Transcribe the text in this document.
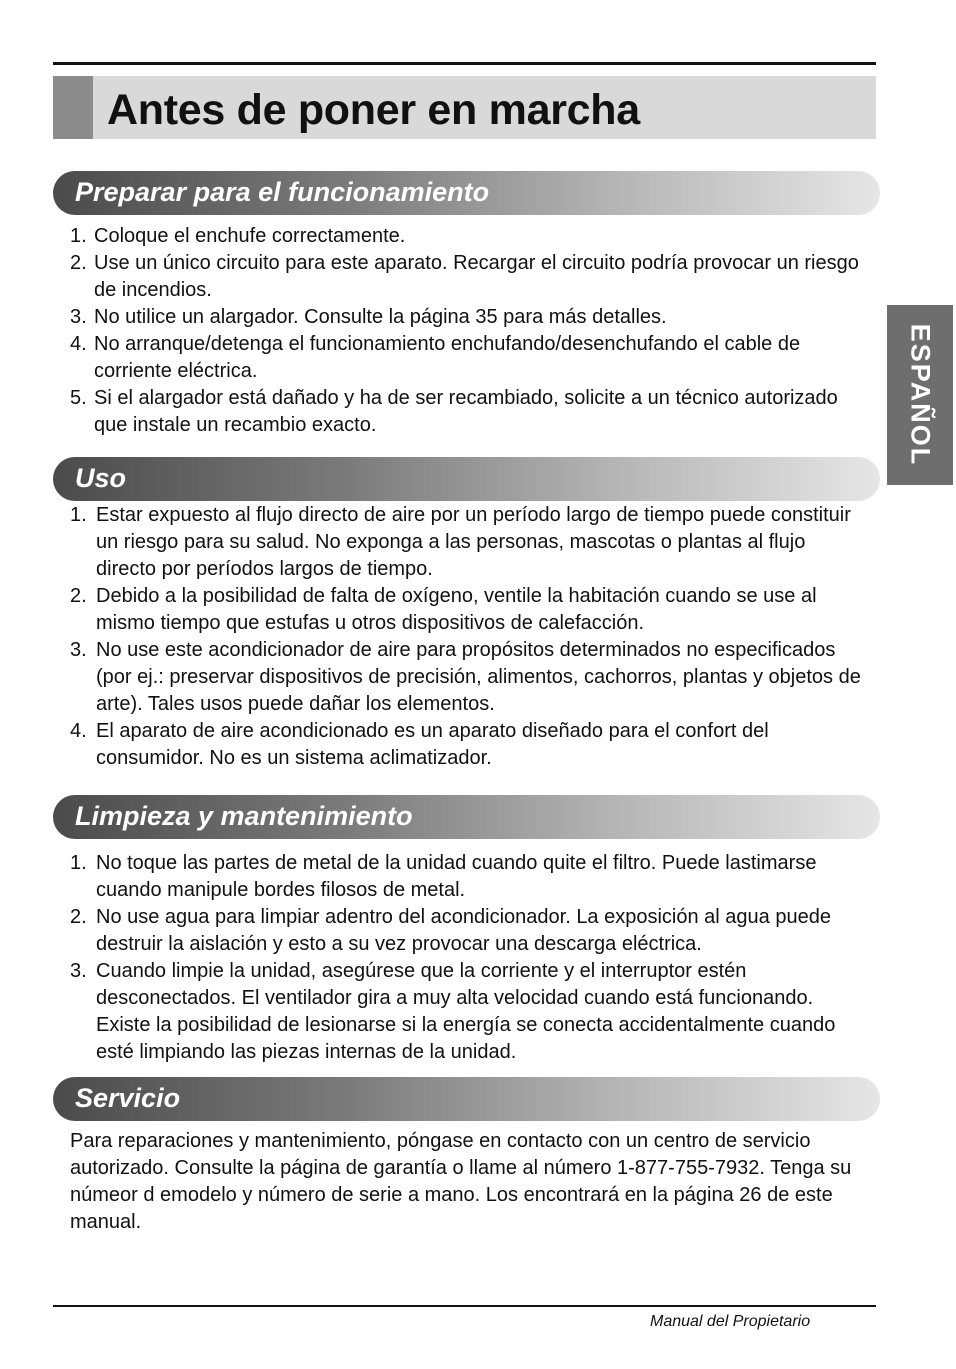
Antes de poner en marcha
ESPAÑOL
Preparar para el funcionamiento
1. Coloque el enchufe correctamente.
2. Use un único circuito para este aparato. Recargar el circuito podría provocar un riesgo de incendios.
3. No utilice un alargador. Consulte la página 35 para más detalles.
4. No arranque/detenga el funcionamiento enchufando/desenchufando el cable de corriente eléctrica.
5. Si el alargador está dañado y ha de ser recambiado, solicite a un técnico autorizado que instale un recambio exacto.
Uso
1. Estar expuesto al flujo directo de aire por un período largo de tiempo puede constituir un riesgo para su salud. No exponga a las personas, mascotas o plantas al flujo directo por períodos largos de tiempo.
2. Debido a la posibilidad de falta de oxígeno, ventile la habitación cuando se use al mismo tiempo que estufas u otros dispositivos de calefacción.
3. No use este acondicionador de aire para propósitos determinados no especificados (por ej.: preservar dispositivos de precisión, alimentos, cachorros, plantas y objetos de arte). Tales usos puede dañar los elementos.
4. El aparato de aire acondicionado es un aparato diseñado para el confort del consumidor. No es un sistema aclimatizador.
Limpieza y mantenimiento
1. No toque las partes de metal de la unidad cuando quite el filtro. Puede lastimarse cuando manipule bordes filosos de metal.
2. No use agua para limpiar adentro del acondicionador. La exposición al agua puede destruir la aislación y esto a su vez provocar una descarga eléctrica.
3. Cuando limpie la unidad, asegúrese que la corriente y el interruptor estén desconectados. El ventilador gira a muy alta velocidad cuando está funcionando. Existe la posibilidad de lesionarse si la energía se conecta accidentalmente cuando esté limpiando las piezas internas de la unidad.
Servicio

Para reparaciones y mantenimiento, póngase en contacto con un centro de servicio autorizado. Consulte la página de garantía o llame al número 1-877-755-7932. Tenga su númeor d emodelo y número de serie a mano. Los encontrará en la página 26 de este manual.

Manual del Propietario
